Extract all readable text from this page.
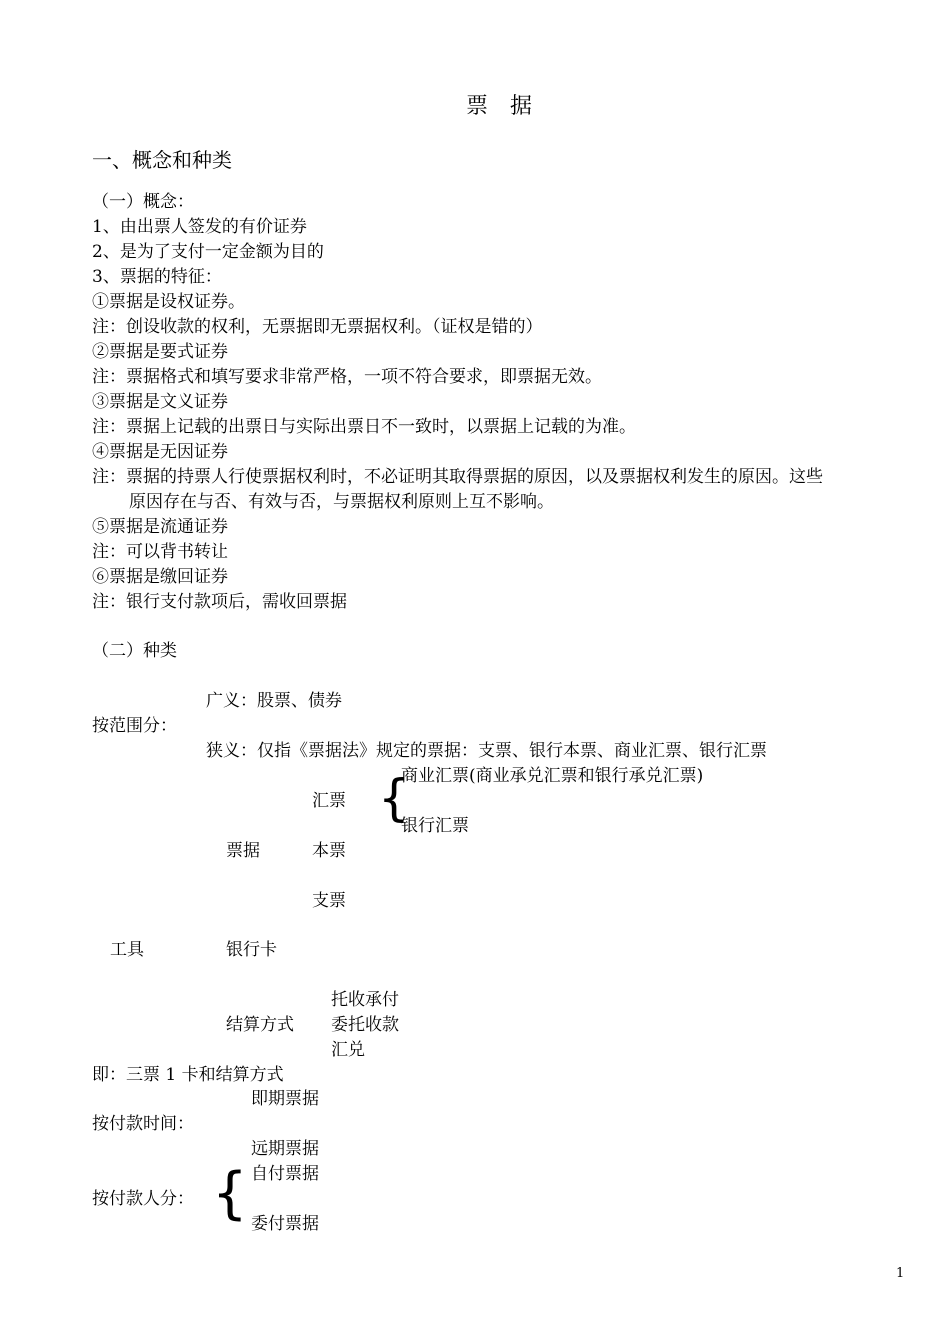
票据
一、概念和种类
（一）概念：
1、由出票人签发的有价证券
2、是为了支付一定金额为目的
3、票据的特征：
①票据是设权证券。
注：创设收款的权利，无票据即无票据权利。（证权是错的）
②票据是要式证券
注：票据格式和填写要求非常严格，一项不符合要求，即票据无效。
③票据是文义证券
注：票据上记载的出票日与实际出票日不一致时，以票据上记载的为准。
④票据是无因证券
注：票据的持票人行使票据权利时，不必证明其取得票据的原因，以及票据权利发生的原因。这些
原因存在与否、有效与否，与票据权利原则上互不影响。
⑤票据是流通证券
注：可以背书转让
⑥票据是缴回证券
注：银行支付款项后，需收回票据
（二）种类
广义：股票、债券
按范围分：
狭义：仅指《票据法》规定的票据：支票、银行本票、商业汇票、银行汇票
商业汇票(商业承兑汇票和银行承兑汇票)
汇票 {
银行汇票
票据	本票
支票
工具	银行卡
托收承付
结算方式 委托收款
汇兑
即：三票 1 卡和结算方式
即期票据
按付款时间：
远期票据
自付票据
按付款人分： { 委付票据
1
